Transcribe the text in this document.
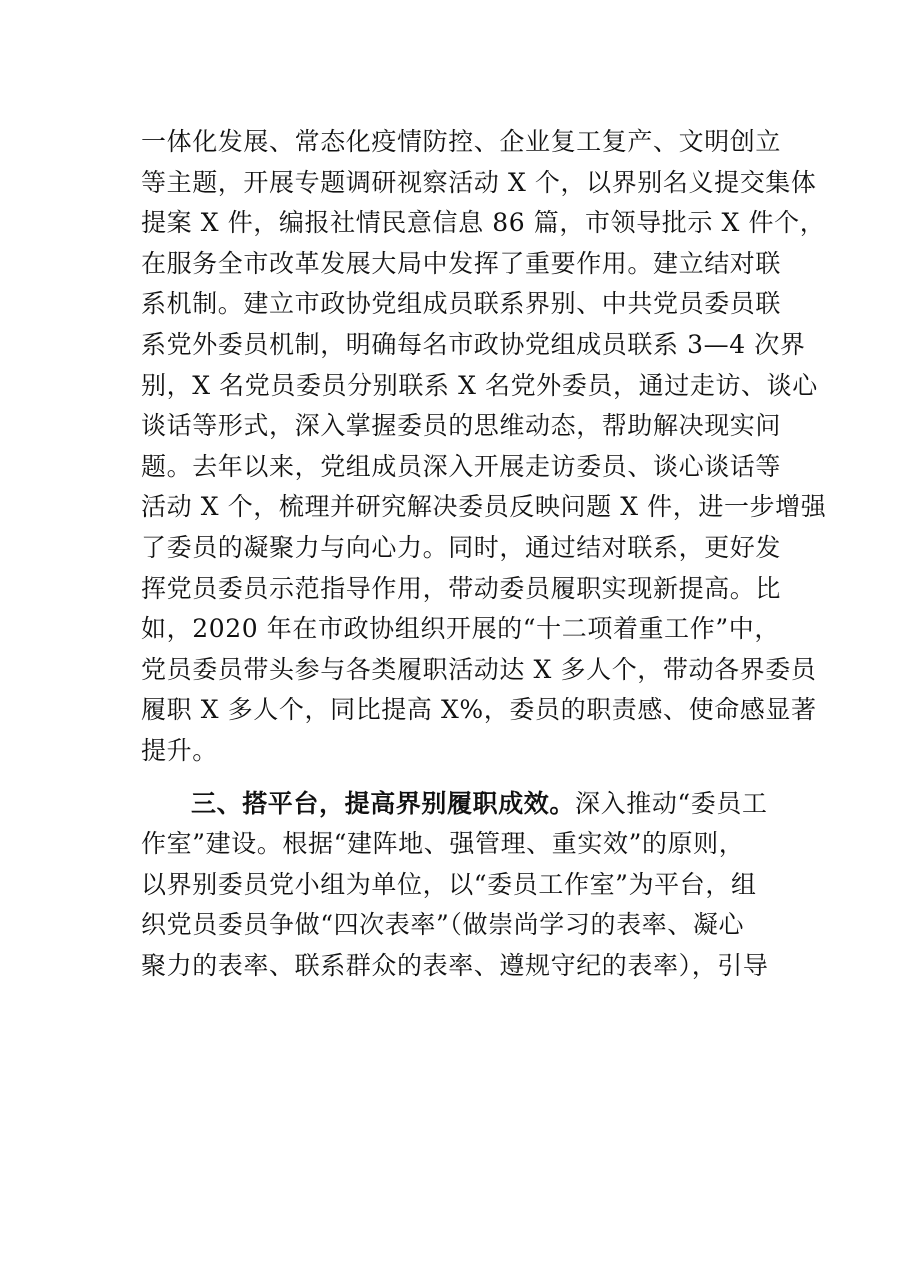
一体化发展、常态化疫情防控、企业复工复产、文明创立
等主题，开展专题调研视察活动 X 个，以界别名义提交集体
提案 X 件，编报社情民意信息 86 篇，市领导批示 X 件个，
在服务全市改革发展大局中发挥了重要作用。建立结对联
系机制。建立市政协党组成员联系界别、中共党员委员联
系党外委员机制，明确每名市政协党组成员联系 3—4 次界
别，X 名党员委员分别联系 X 名党外委员，通过走访、谈心
谈话等形式，深入掌握委员的思维动态，帮助解决现实问
题。去年以来，党组成员深入开展走访委员、谈心谈话等
活动 X 个，梳理并研究解决委员反映问题 X 件，进一步增强
了委员的凝聚力与向心力。同时，通过结对联系，更好发
挥党员委员示范指导作用，带动委员履职实现新提高。比
如，2020 年在市政协组织开展的“十二项着重工作”中，
党员委员带头参与各类履职活动达 X 多人个，带动各界委员
履职 X 多人个，同比提高 X%，委员的职责感、使命感显著
提升。
三、搭平台，提高界别履职成效。深入推动“委员工
作室”建设。根据“建阵地、强管理、重实效”的原则，
以界别委员党小组为单位，以“委员工作室”为平台，组
织党员委员争做“四次表率”（做崇尚学习的表率、凝心
聚力的表率、联系群众的表率、遵规守纪的表率），引导
